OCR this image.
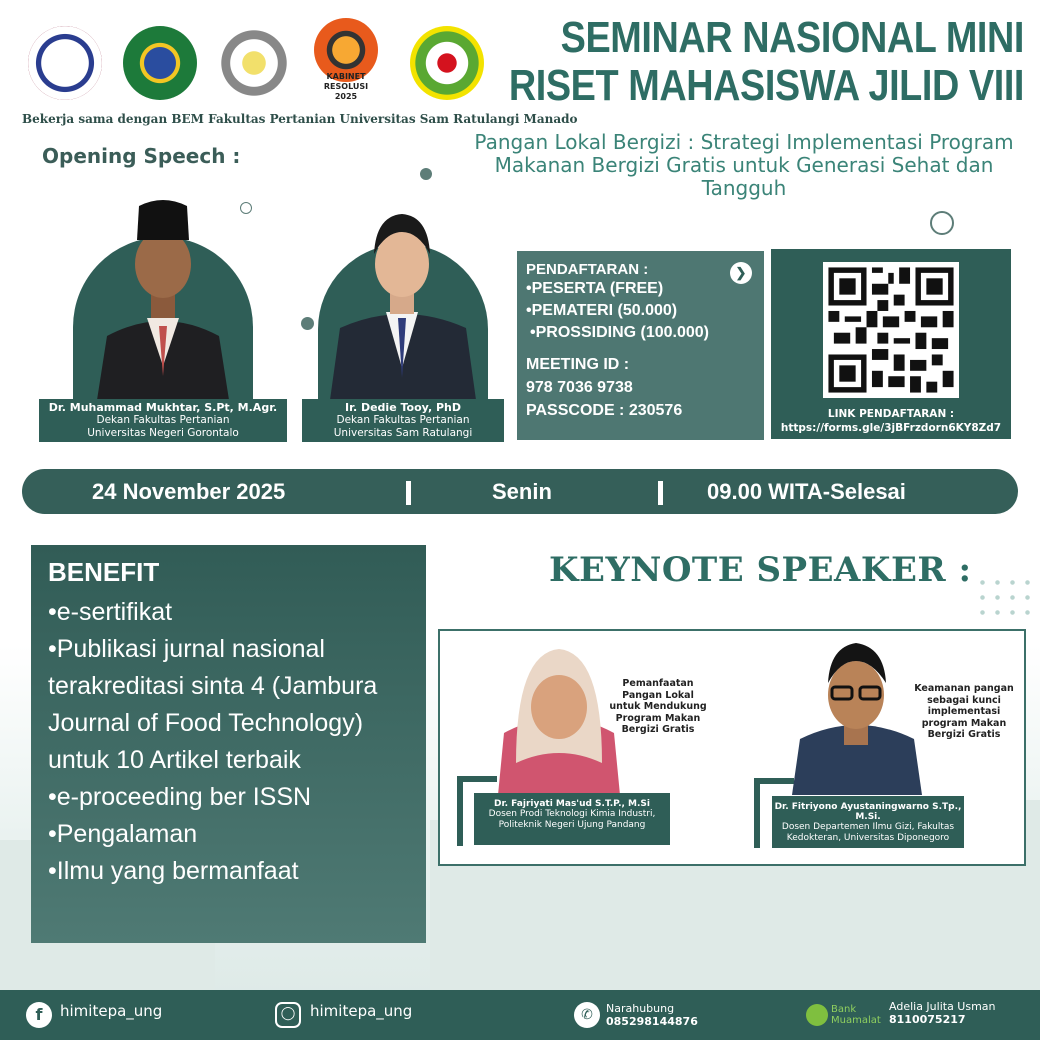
KABINET RESOLUSI 2025
Bekerja sama dengan BEM Fakultas Pertanian Universitas Sam Ratulangi Manado
SEMINAR NASIONAL MINI
RISET MAHASISWA JILID VIII
Pangan Lokal Bergizi : Strategi Implementasi Program Makanan Bergizi Gratis untuk Generasi Sehat dan Tangguh
Opening Speech :
Dr. Muhammad Mukhtar, S.Pt, M.Agr.
Dekan Fakultas Pertanian
Universitas Negeri Gorontalo
Ir. Dedie Tooy, PhD
Dekan Fakultas Pertanian
Universitas Sam Ratulangi
❯
PENDAFTARAN :
•PESERTA (FREE)
•PEMATERI (50.000)
•PROSSIDING (100.000)
MEETING ID :
978 7036 9738
PASSCODE : 230576	LINK PENDAFTARAN :
https://forms.gle/3jBFrzdorn6KY8Zd7
24 November 2025	Senin	09.00 WITA-Selesai
BENEFIT
•e-sertifikat
•Publikasi jurnal nasional terakreditasi sinta 4 (Jambura Journal of Food Technology) untuk 10 Artikel terbaik
•e-proceeding ber ISSN
•Pengalaman
•Ilmu yang bermanfaat
KEYNOTE SPEAKER :
Pemanfaatan Pangan Lokal untuk Mendukung Program Makan Bergizi Gratis
Dr. Fajriyati Mas'ud S.T.P., M.Si
Dosen Prodi Teknologi Kimia Industri, Politeknik Negeri Ujung Pandang
Keamanan pangan sebagai kunci implementasi program Makan Bergizi Gratis
Dr. Fitriyono Ayustaningwarno S.Tp., M.Si.
Dosen Departemen Ilmu Gizi, Fakultas Kedokteran, Universitas Diponegoro
f	himitepa_ung	◯ himitepa_ung	✆	Narahubung
085298144876
Bank Muamalat
Adelia Julita Usman
8110075217
